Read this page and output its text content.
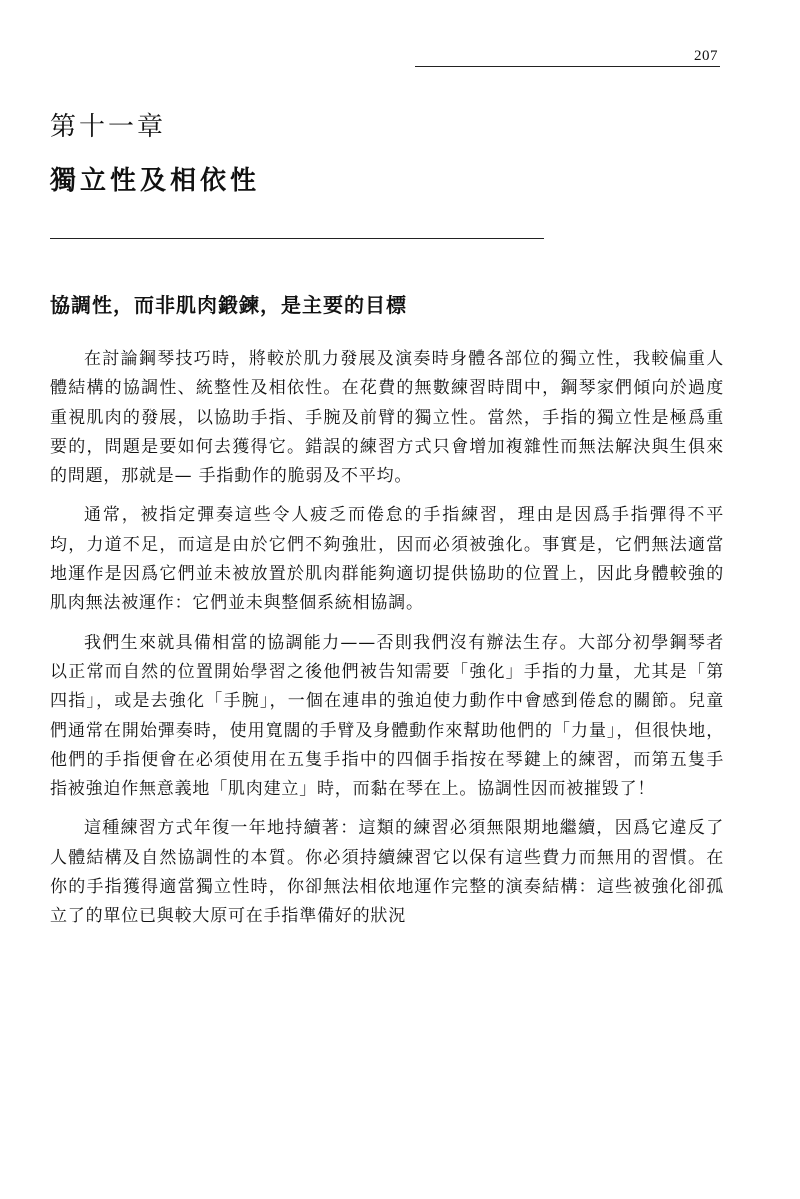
207
第十一章
獨立性及相依性
協調性，而非肌肉鍛鍊，是主要的目標

在討論鋼琴技巧時，將較於肌力發展及演奏時身體各部位的獨立性，我較偏重人體結構的協調性、統整性及相依性。在花費的無數練習時間中，鋼琴家們傾向於過度重視肌肉的發展，以協助手指、手腕及前臂的獨立性。當然，手指的獨立性是極爲重要的，問題是要如何去獲得它。錯誤的練習方式只會增加複雜性而無法解決與生俱來的問題，那就是— 手指動作的脆弱及不平均。

通常，被指定彈奏這些令人疲乏而倦怠的手指練習，理由是因爲手指彈得不平均，力道不足，而這是由於它們不夠強壯，因而必須被強化。事實是，它們無法適當地運作是因爲它們並未被放置於肌肉群能夠適切提供協助的位置上，因此身體較強的肌肉無法被運作：它們並未與整個系統相協調。

我們生來就具備相當的協調能力——否則我們沒有辦法生存。大部分初學鋼琴者以正常而自然的位置開始學習之後他們被告知需要「強化」手指的力量，尤其是「第四指」，或是去強化「手腕」，一個在連串的強迫使力動作中會感到倦怠的關節。兒童們通常在開始彈奏時，使用寬闊的手臂及身體動作來幫助他們的「力量」，但很快地，他們的手指便會在必須使用在五隻手指中的四個手指按在琴鍵上的練習，而第五隻手指被強迫作無意義地「肌肉建立」時，而黏在琴在上。協調性因而被摧毀了！

這種練習方式年復一年地持續著：這類的練習必須無限期地繼續，因爲它違反了人體結構及自然協調性的本質。你必須持續練習它以保有這些費力而無用的習慣。在你的手指獲得適當獨立性時，你卻無法相依地運作完整的演奏結構：這些被強化卻孤立了的單位已與較大原可在手指準備好的狀況
